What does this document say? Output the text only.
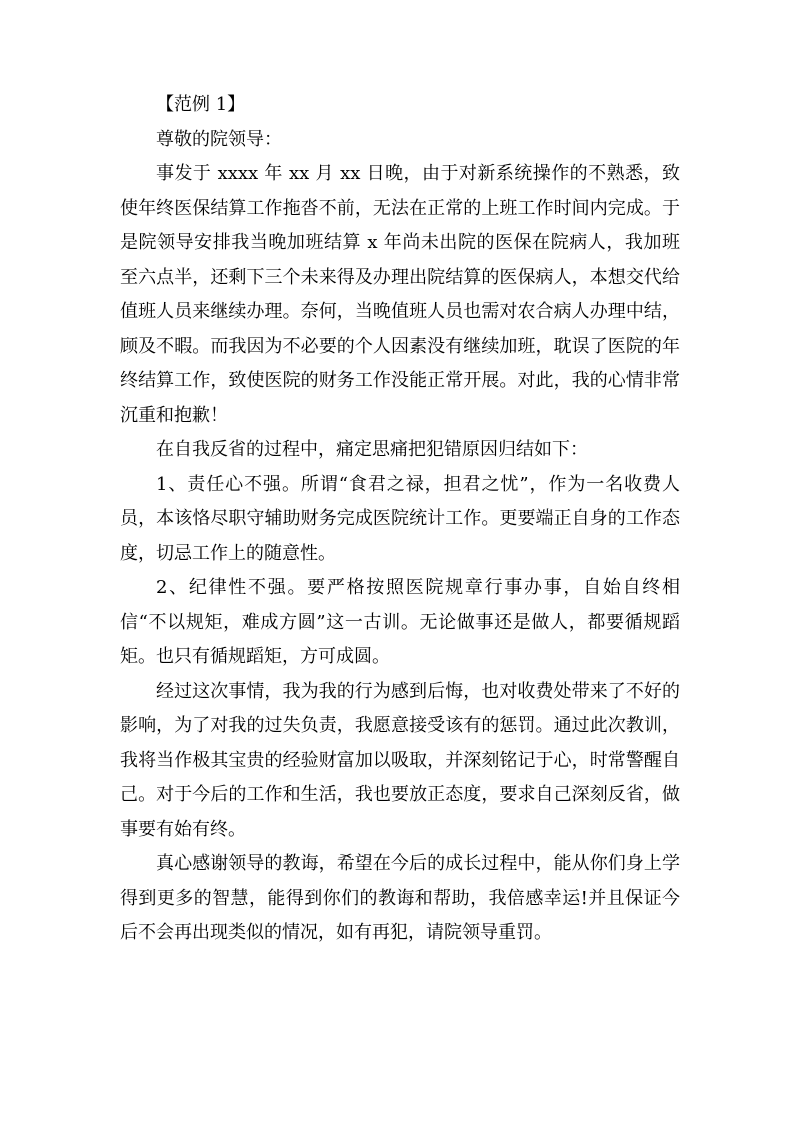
【范例 1】

尊敬的院领导：

事发于 xxxx 年 xx 月 xx 日晚，由于对新系统操作的不熟悉，致使年终医保结算工作拖沓不前，无法在正常的上班工作时间内完成。于是院领导安排我当晚加班结算 x 年尚未出院的医保在院病人，我加班至六点半，还剩下三个未来得及办理出院结算的医保病人，本想交代给值班人员来继续办理。奈何，当晚值班人员也需对农合病人办理中结，顾及不暇。而我因为不必要的个人因素没有继续加班，耽误了医院的年终结算工作，致使医院的财务工作没能正常开展。对此，我的心情非常沉重和抱歉！

在自我反省的过程中，痛定思痛把犯错原因归结如下：

1、责任心不强。所谓“食君之禄，担君之忧”，作为一名收费人员，本该恪尽职守辅助财务完成医院统计工作。更要端正自身的工作态度，切忌工作上的随意性。

2、纪律性不强。要严格按照医院规章行事办事，自始自终相信“不以规矩，难成方圆”这一古训。无论做事还是做人，都要循规蹈矩。也只有循规蹈矩，方可成圆。

经过这次事情，我为我的行为感到后悔，也对收费处带来了不好的影响，为了对我的过失负责，我愿意接受该有的惩罚。通过此次教训，我将当作极其宝贵的经验财富加以吸取，并深刻铭记于心，时常警醒自己。对于今后的工作和生活，我也要放正态度，要求自己深刻反省，做事要有始有终。

真心感谢领导的教诲，希望在今后的成长过程中，能从你们身上学得到更多的智慧，能得到你们的教诲和帮助，我倍感幸运!并且保证今后不会再出现类似的情况，如有再犯，请院领导重罚。
